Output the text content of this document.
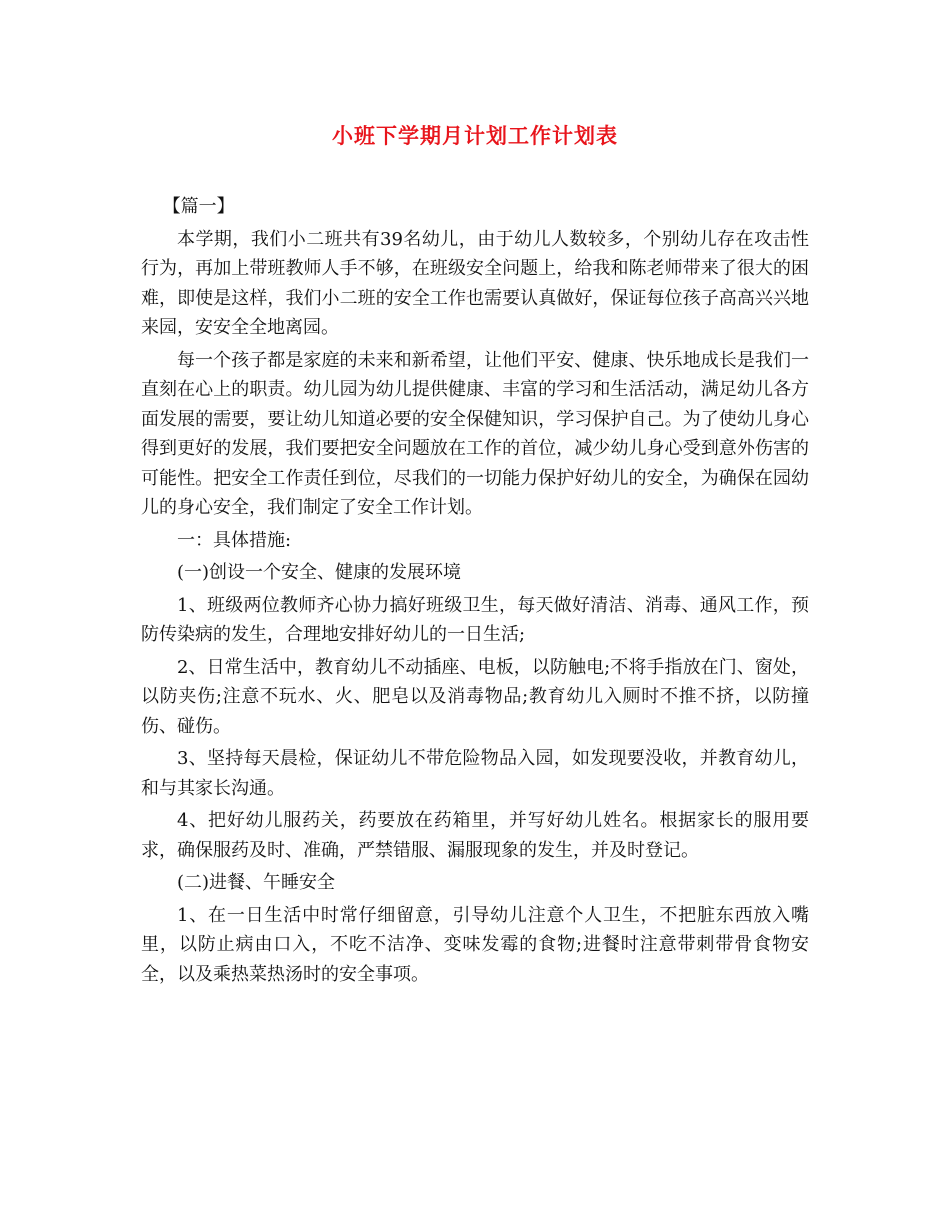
小班下学期月计划工作计划表

【篇一】

本学期，我们小二班共有39名幼儿，由于幼儿人数较多，个别幼儿存在攻击性行为，再加上带班教师人手不够，在班级安全问题上，给我和陈老师带来了很大的困难，即使是这样，我们小二班的安全工作也需要认真做好，保证每位孩子高高兴兴地来园，安安全全地离园。

每一个孩子都是家庭的未来和新希望，让他们平安、健康、快乐地成长是我们一直刻在心上的职责。幼儿园为幼儿提供健康、丰富的学习和生活活动，满足幼儿各方面发展的需要，要让幼儿知道必要的安全保健知识，学习保护自己。为了使幼儿身心得到更好的发展，我们要把安全问题放在工作的首位，减少幼儿身心受到意外伤害的可能性。把安全工作责任到位，尽我们的一切能力保护好幼儿的安全，为确保在园幼儿的身心安全，我们制定了安全工作计划。

一：具体措施:

(一)创设一个安全、健康的发展环境

1、班级两位教师齐心协力搞好班级卫生，每天做好清洁、消毒、通风工作，预防传染病的发生，合理地安排好幼儿的一日生活;

2、日常生活中，教育幼儿不动插座、电板，以防触电;不将手指放在门、窗处，以防夹伤;注意不玩水、火、肥皂以及消毒物品;教育幼儿入厕时不推不挤，以防撞伤、碰伤。

3、坚持每天晨检，保证幼儿不带危险物品入园，如发现要没收，并教育幼儿，和与其家长沟通。

4、把好幼儿服药关，药要放在药箱里，并写好幼儿姓名。根据家长的服用要求，确保服药及时、准确，严禁错服、漏服现象的发生，并及时登记。

(二)进餐、午睡安全

1、在一日生活中时常仔细留意，引导幼儿注意个人卫生，不把脏东西放入嘴里，以防止病由口入，不吃不洁净、变味发霉的食物;进餐时注意带刺带骨食物安全，以及乘热菜热汤时的安全事项。
